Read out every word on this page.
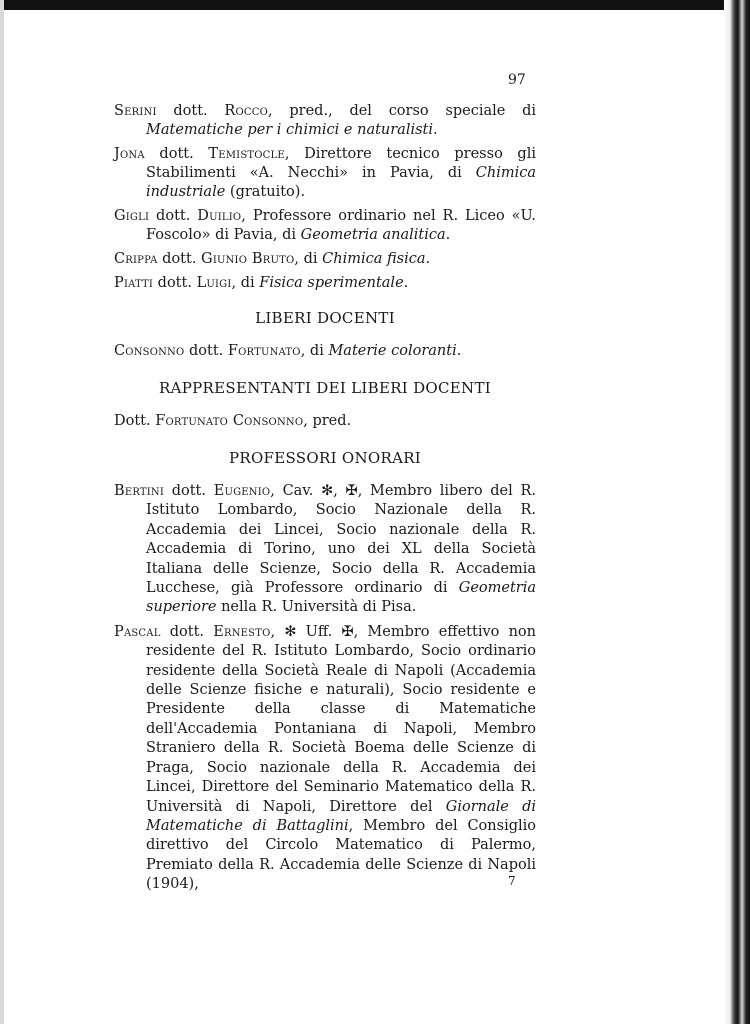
97

Serini dott. Rocco, pred., del corso speciale di Matematiche per i chimici e naturalisti.

Jona dott. Temistocle, Direttore tecnico presso gli Stabilimenti «A. Necchi» in Pavia, di Chimica industriale (gratuito).

Gigli dott. Duilio, Professore ordinario nel R. Liceo «U. Foscolo» di Pavia, di Geometria analitica.

Crippa dott. Giunio Bruto, di Chimica fisica.

Piatti dott. Luigi, di Fisica sperimentale.

LIBERI DOCENTI

Consonno dott. Fortunato, di Materie coloranti.

RAPPRESENTANTI DEI LIBERI DOCENTI

Dott. Fortunato Consonno, pred.

PROFESSORI ONORARI

Bertini dott. Eugenio, Cav. ✻, ✠, Membro libero del R. Istituto Lombardo, Socio Nazionale della R. Accademia dei Lincei, Socio nazionale della R. Accademia di Torino, uno dei XL della Società Italiana delle Scienze, Socio della R. Accademia Lucchese, già Professore ordinario di Geometria superiore nella R. Università di Pisa.

Pascal dott. Ernesto, ✻ Uff. ✠, Membro effettivo non residente del R. Istituto Lombardo, Socio ordinario residente della Società Reale di Napoli (Accademia delle Scienze fisiche e naturali), Socio residente e Presidente della classe di Matematiche dell'Accademia Pontaniana di Napoli, Membro Straniero della R. Società Boema delle Scienze di Praga, Socio nazionale della R. Accademia dei Lincei, Direttore del Seminario Matematico della R. Università di Napoli, Direttore del Giornale di Matematiche di Battaglini, Membro del Consiglio direttivo del Circolo Matematico di Palermo, Premiato della R. Accademia delle Scienze di Napoli (1904),	7
